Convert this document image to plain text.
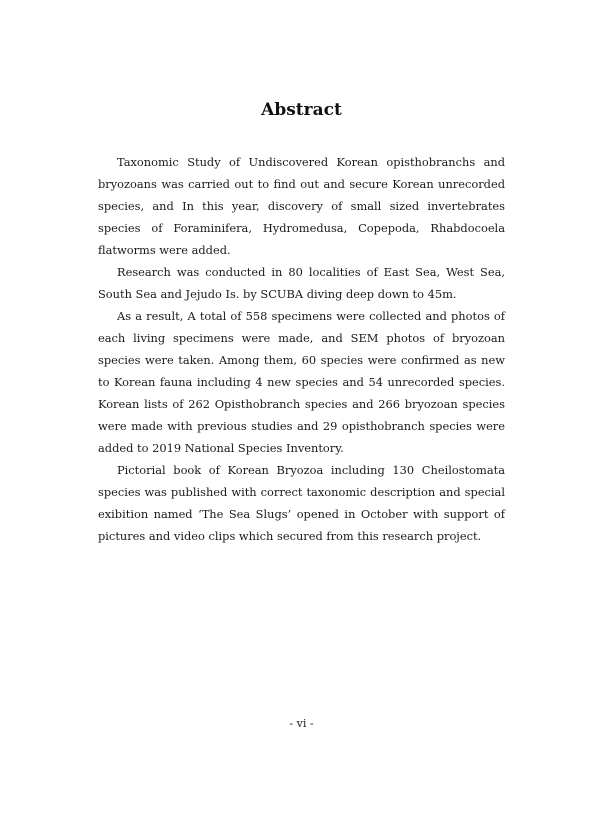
Abstract

Taxonomic Study of Undiscovered Korean opisthobranchs and bryozoans was carried out to find out and secure Korean unrecorded species, and In this year, discovery of small sized invertebrates species of Foraminifera, Hydromedusa, Copepoda, Rhabdocoela flatworms were added.

Research was conducted in 80 localities of East Sea, West Sea, South Sea and Jejudo Is. by SCUBA diving deep down to 45m.

As a result, A total of 558 specimens were collected and photos of each living specimens were made, and SEM photos of bryozoan species were taken. Among them, 60 species were confirmed as new to Korean fauna including 4 new species and 54 unrecorded species. Korean lists of 262 Opisthobranch species and 266 bryozoan species were made with previous studies and 29 opisthobranch species were added to 2019 National Species Inventory.

Pictorial book of Korean Bryozoa including 130 Cheilostomata species was published with correct taxonomic description and special exibition named ‘The Sea Slugs’ opened in October with support of pictures and video clips which secured from this research project.

- vi -
